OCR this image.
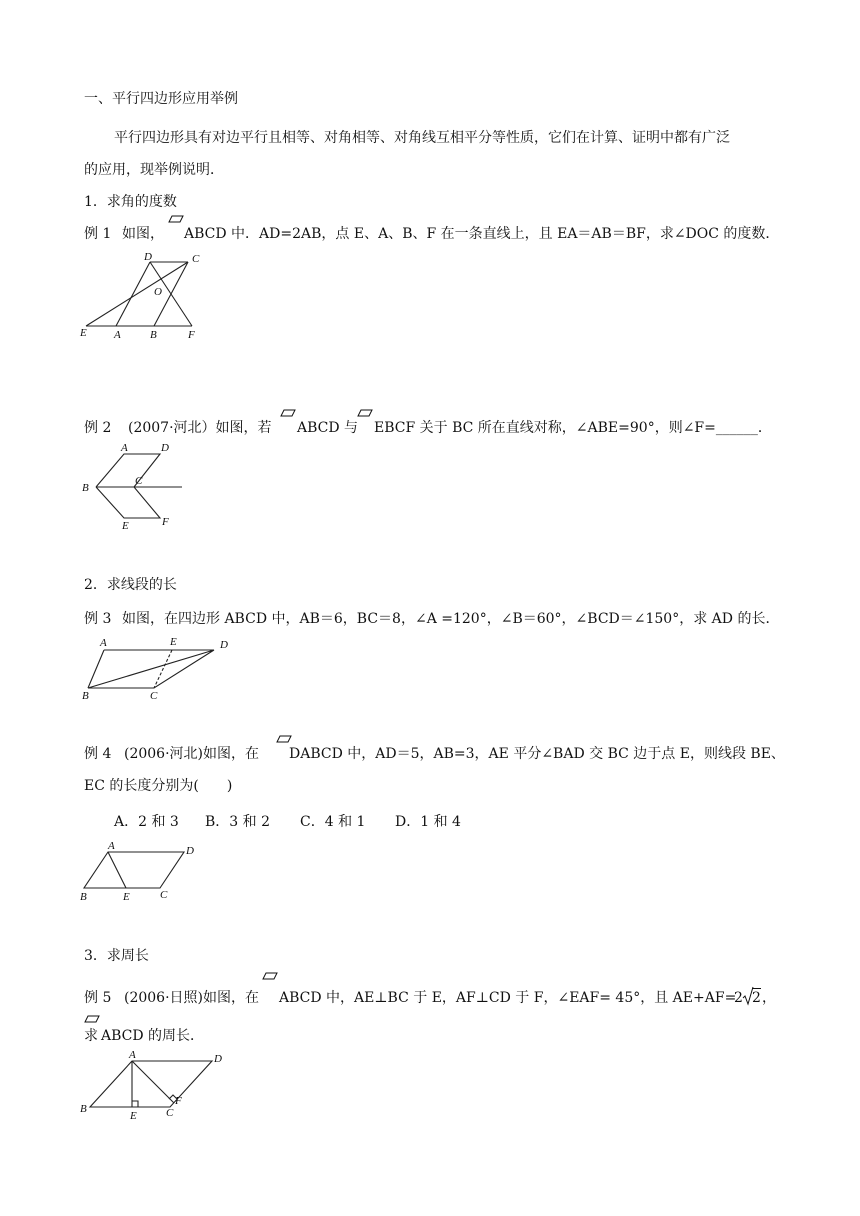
一、平行四边形应用举例
平行四边形具有对边平行且相等、对角相等、对角线互相平分等性质，它们在计算、证明中都有广泛
的应用，现举例说明．
1．求角的度数
例 1 如图， ABCD 中．AD=2AB，点 E、A、B、F 在一条直线上，且 EA＝AB＝BF，求∠DOC 的度数．
D	C
O
E A	B	F
例 2 (2007·河北）如图，若 ABCD 与 EBCF 关于 BC 所在直线对称，∠ABE=90°，则∠F=______．
A	D
B
C
E	F
2．求线段的长
例 3 如图，在四边形 ABCD 中，AB＝6，BC＝8，∠A =120°，∠B＝60°，∠BCD＝∠150°，求 AD 的长．
A	E	D
B	C
例 4 (2006·河北)如图，在 DABCD 中，AD＝5，AB=3，AE 平分∠BAD 交 BC 边于点 E，则线段 BE、
EC 的长度分别为(　　)
A．2 和 3 B．3 和 2 C．4 和 1 D．1 和 4
A	D
B	E	C
3．求周长
例 5 (2006·日照)如图，在 ABCD 中，AE⊥BC 于 E，AF⊥CD 于 F，∠EAF= 45°，且 AE+AF=
2 2 ，
求 ABCD 的周长．
A	D
B
E	C
F
